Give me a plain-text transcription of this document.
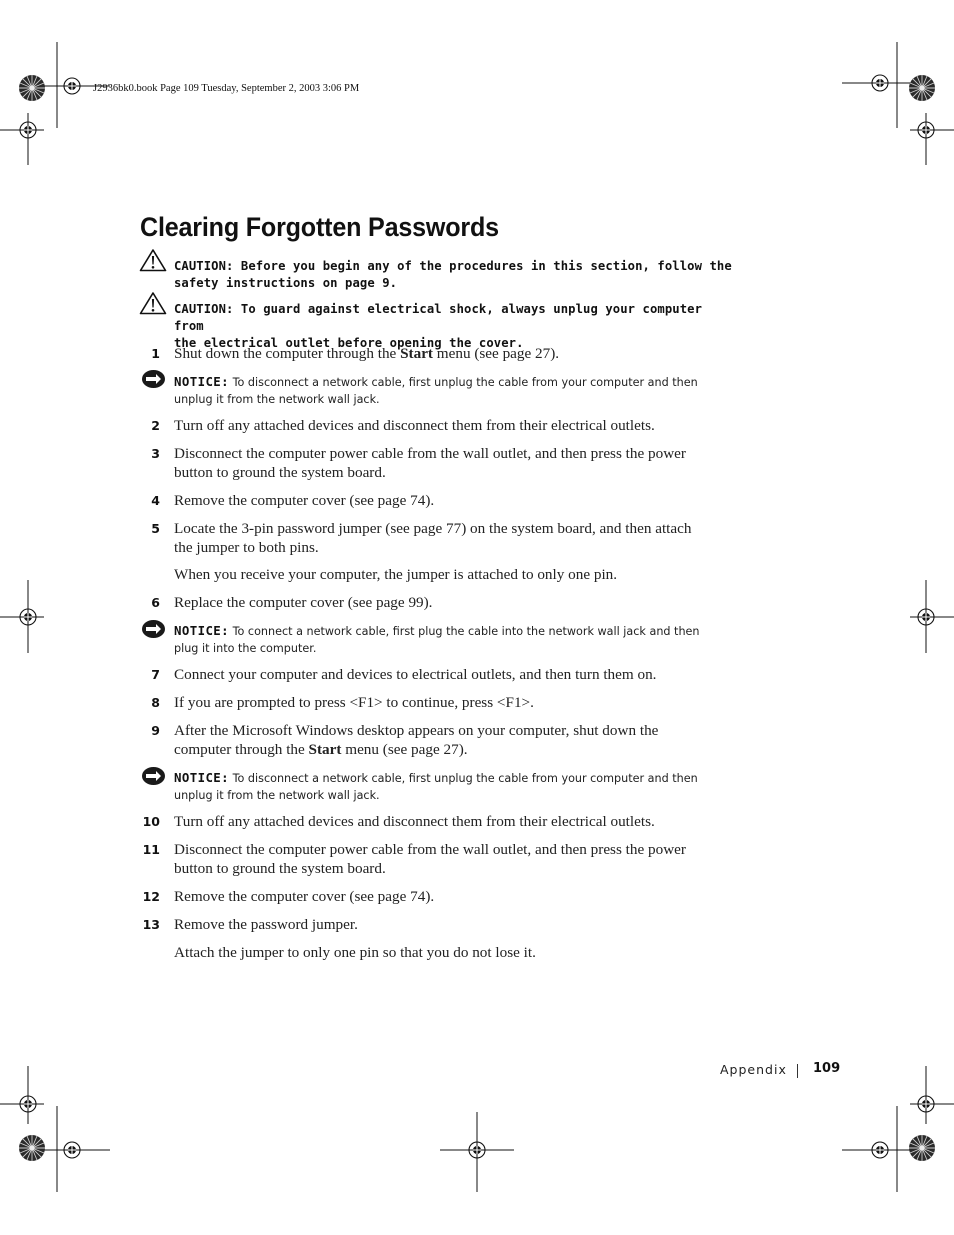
J2936bk0.book Page 109 Tuesday, September 2, 2003 3:06 PM
Clearing Forgotten Passwords
CAUTION: Before you begin any of the procedures in this section, follow the
safety instructions on page 9.
CAUTION: To guard against electrical shock, always unplug your computer from
the electrical outlet before opening the cover.
1 Shut down the computer through the Start menu (see page 27).
NOTICE: To disconnect a network cable, first unplug the cable from your computer and then
unplug it from the network wall jack.
2 Turn off any attached devices and disconnect them from their electrical outlets.
3 Disconnect the computer power cable from the wall outlet, and then press the power
button to ground the system board.
4 Remove the computer cover (see page 74).
5 Locate the 3-pin password jumper (see page 77) on the system board, and then attach
the jumper to both pins.
When you receive your computer, the jumper is attached to only one pin.
6 Replace the computer cover (see page 99).
NOTICE: To connect a network cable, first plug the cable into the network wall jack and then
plug it into the computer.
7 Connect your computer and devices to electrical outlets, and then turn them on.
8 If you are prompted to press <F1> to continue, press <F1>.
9 After the Microsoft Windows desktop appears on your computer, shut down the
computer through the Start menu (see page 27).
NOTICE: To disconnect a network cable, first unplug the cable from your computer and then
unplug it from the network wall jack.
10 Turn off any attached devices and disconnect them from their electrical outlets.
11 Disconnect the computer power cable from the wall outlet, and then press the power
button to ground the system board.
12 Remove the computer cover (see page 74).
13 Remove the password jumper.
Attach the jumper to only one pin so that you do not lose it.
Appendix 109
